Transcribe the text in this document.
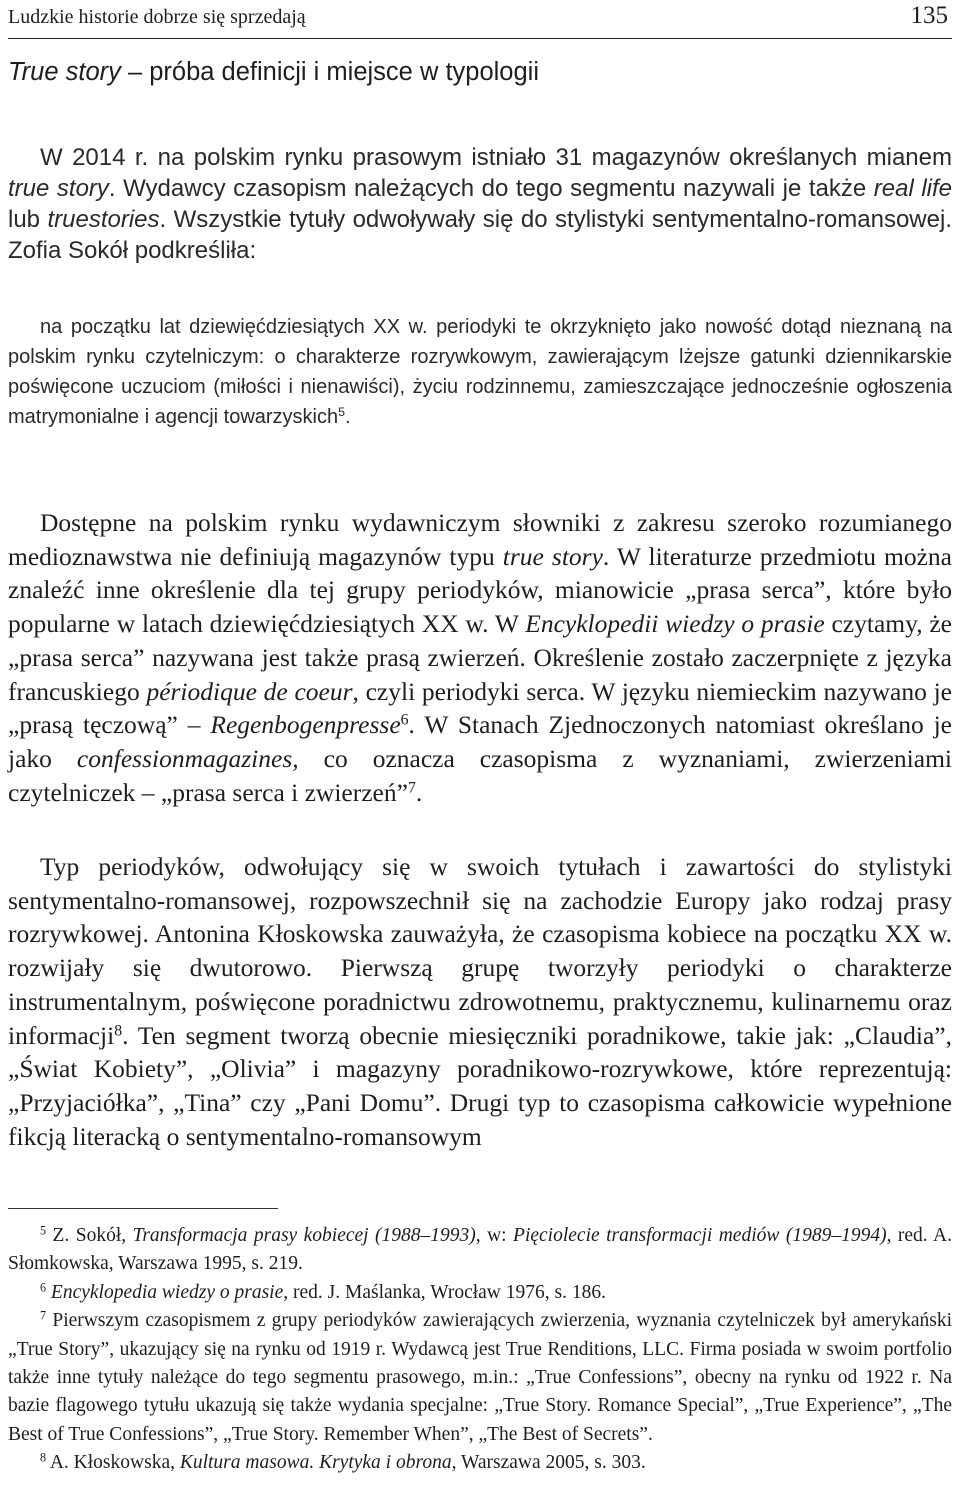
Ludzkie historie dobrze się sprzedają	135
True story – próba definicji i miejsce w typologii

W 2014 r. na polskim rynku prasowym istniało 31 magazynów określanych mianem true story. Wydawcy czasopism należących do tego segmentu nazywali je także real life lub truestories. Wszystkie tytuły odwoływały się do stylistyki sentymentalno-romansowej. Zofia Sokół podkreśliła:

na początku lat dziewięćdziesiątych XX w. periodyki te okrzyknięto jako nowość dotąd nieznaną na polskim rynku czytelniczym: o charakterze rozrywkowym, zawierającym lżejsze gatunki dziennikarskie poświęcone uczuciom (miłości i nienawiści), życiu rodzinnemu, zamieszczające jednocześnie ogłoszenia matrymonialne i agencji towarzyskich$^5$.

Dostępne na polskim rynku wydawniczym słowniki z zakresu szeroko rozumianego medioznawstwa nie definiują magazynów typu true story. W literaturze przedmiotu można znaleźć inne określenie dla tej grupy periodyków, mianowicie „prasa serca”, które było popularne w latach dziewięćdziesiątych XX w. W Encyklopedii wiedzy o prasie czytamy, że „prasa serca” nazywana jest także prasą zwierzeń. Określenie zostało zaczerpnięte z języka francuskiego périodique de coeur, czyli periodyki serca. W języku niemieckim nazywano je „prasą tęczową” – Regenbogenpresse$^6$. W Stanach Zjednoczonych natomiast określano je jako confessionmagazines, co oznacza czasopisma z wyznaniami, zwierzeniami czytelniczek – „prasa serca i zwierzeń”$^7$.

Typ periodyków, odwołujący się w swoich tytułach i zawartości do stylistyki sentymentalno-romansowej, rozpowszechnił się na zachodzie Europy jako rodzaj prasy rozrywkowej. Antonina Kłoskowska zauważyła, że czasopisma kobiece na początku XX w. rozwijały się dwutorowo. Pierwszą grupę tworzyły periodyki o charakterze instrumentalnym, poświęcone poradnictwu zdrowotnemu, praktycznemu, kulinarnemu oraz informacji$^8$. Ten segment tworzą obecnie miesięczniki poradnikowe, takie jak: „Claudia”, „Świat Kobiety”, „Olivia” i magazyny poradnikowo-rozrywkowe, które reprezentują: „Przyjaciółka”, „Tina” czy „Pani Domu”. Drugi typ to czasopisma całkowicie wypełnione fikcją literacką o sentymentalno-romansowym

$^5$ Z. Sokół, Transformacja prasy kobiecej (1988–1993), w: Pięciolecie transformacji mediów (1989–1994), red. A. Słomkowska, Warszawa 1995, s. 219.

$^6$ Encyklopedia wiedzy o prasie, red. J. Maślanka, Wrocław 1976, s. 186.

$^7$ Pierwszym czasopismem z grupy periodyków zawierających zwierzenia, wyznania czytelniczek był amerykański „True Story”, ukazujący się na rynku od 1919 r. Wydawcą jest True Renditions, LLC. Firma posiada w swoim portfolio także inne tytuły należące do tego segmentu prasowego, m.in.: „True Confessions”, obecny na rynku od 1922 r. Na bazie flagowego tytułu ukazują się także wydania specjalne: „True Story. Romance Special”, „True Experience”, „The Best of True Confessions”, „True Story. Remember When”, „The Best of Secrets”.

$^8$ A. Kłoskowska, Kultura masowa. Krytyka i obrona, Warszawa 2005, s. 303.
